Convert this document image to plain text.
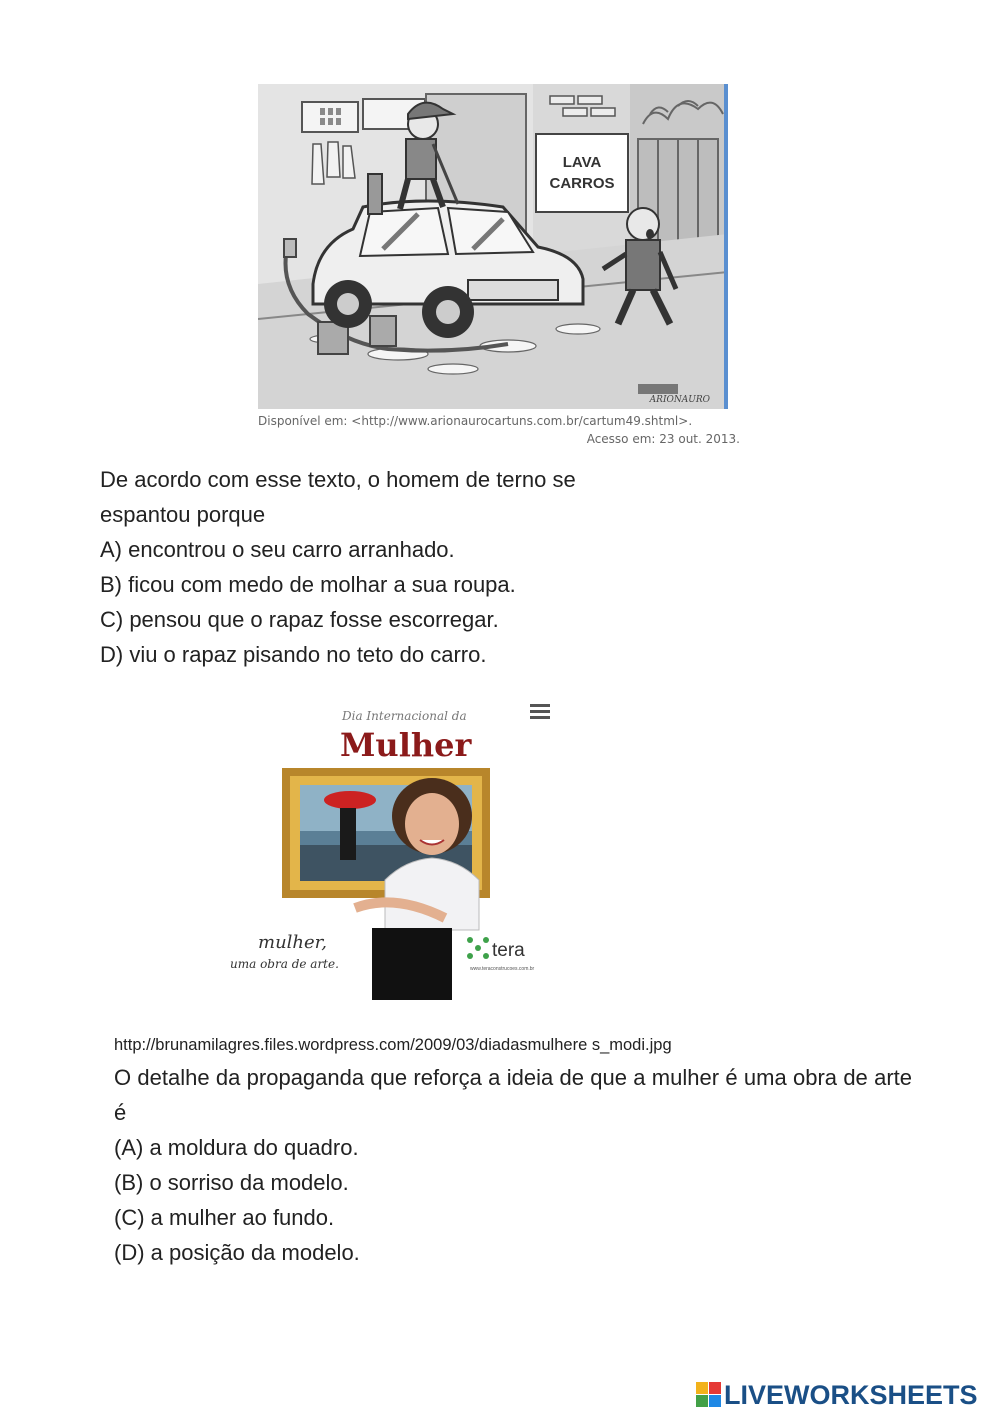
LAVA
CARROS
ARIONAURO
Disponível em: <http://www.arionaurocartuns.com.br/cartum49.shtml>.
Acesso em: 23 out. 2013.
De acordo com esse texto, o homem de terno se
espantou porque
A) encontrou o seu carro arranhado.
B) ficou com medo de molhar a sua roupa.
C) pensou que o rapaz fosse escorregar.
D) viu o rapaz pisando no teto do carro.
Dia Internacional da
Mulher
mulher,
uma obra de arte.
tera
www.teraconstrucoes.com.br
http://brunamilagres.files.wordpress.com/2009/03/diadasmulhere s_modi.jpg
O detalhe da propaganda que reforça a ideia de que a mulher é uma obra de arte é
(A) a moldura do quadro.
(B) o sorriso da modelo.
(C) a mulher ao fundo.
(D) a posição da modelo.
LIVEWORKSHEETS
